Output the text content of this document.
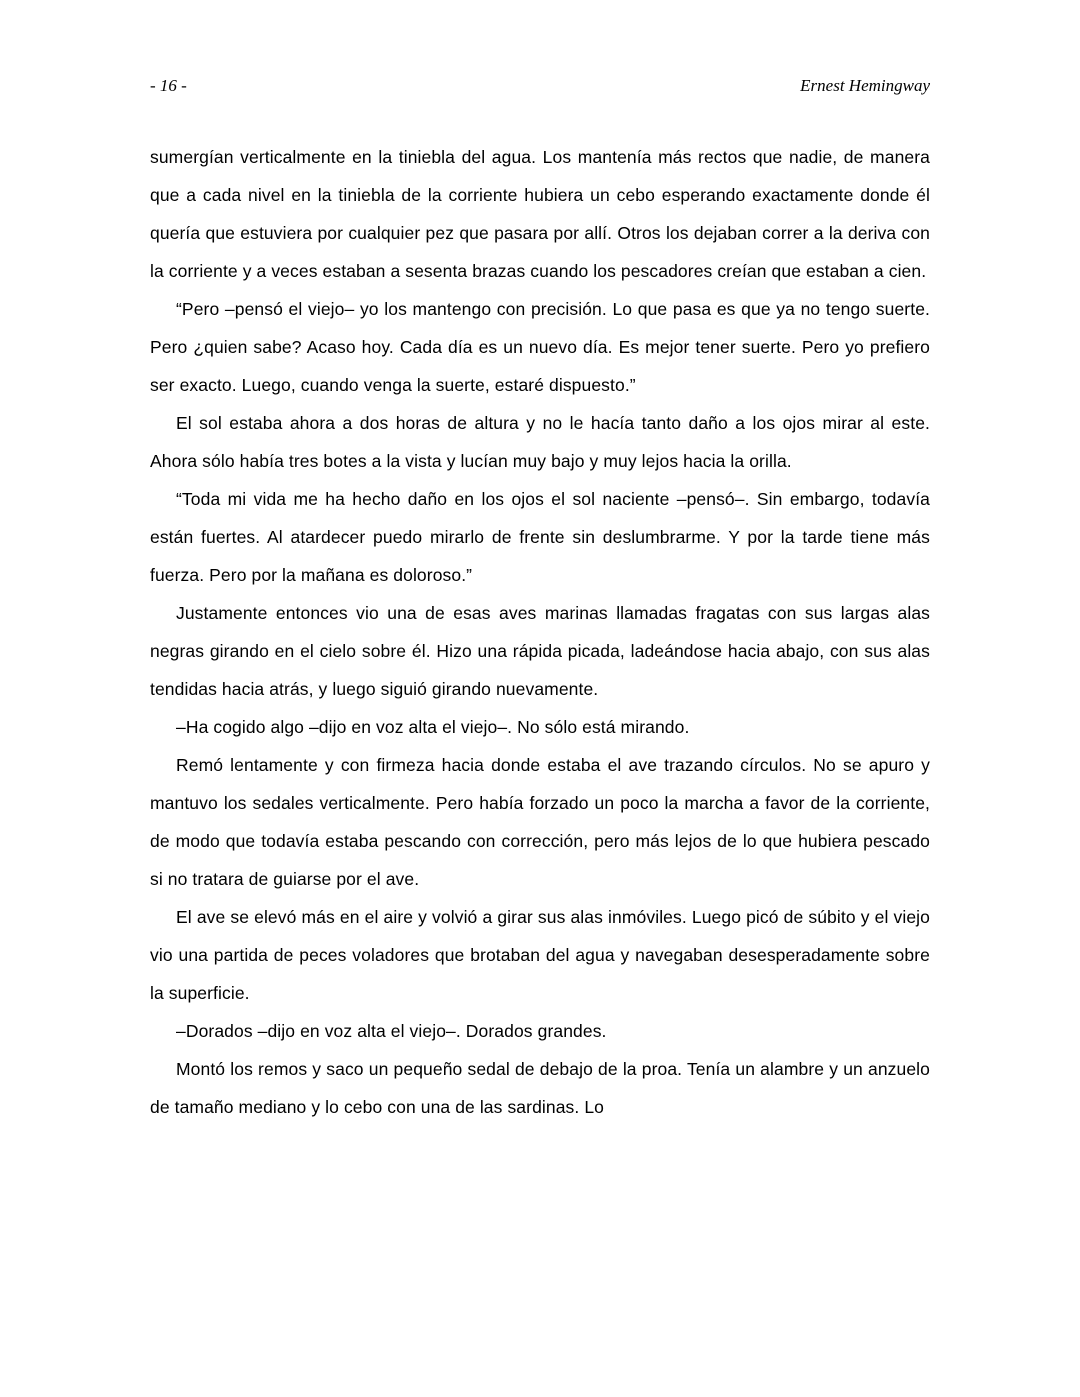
- 16 -	Ernest Hemingway

sumergían verticalmente en la tiniebla del agua. Los mantenía más rectos que nadie, de manera que a cada nivel en la tiniebla de la corriente hubiera un cebo esperando exactamente donde él quería que estuviera por cualquier pez que pasara por allí. Otros los dejaban correr a la deriva con la corriente y a veces estaban a sesenta brazas cuando los pescadores creían que estaban a cien.

“Pero –pensó el viejo– yo los mantengo con precisión. Lo que pasa es que ya no tengo suerte. Pero ¿quien sabe? Acaso hoy. Cada día es un nuevo día. Es mejor tener suerte. Pero yo prefiero ser exacto. Luego, cuando venga la suerte, estaré dispuesto.”

El sol estaba ahora a dos horas de altura y no le hacía tanto daño a los ojos mirar al este. Ahora sólo había tres botes a la vista y lucían muy bajo y muy lejos hacia la orilla.

“Toda mi vida me ha hecho daño en los ojos el sol naciente –pensó–. Sin embargo, todavía están fuertes. Al atardecer puedo mirarlo de frente sin deslumbrarme. Y por la tarde tiene más fuerza. Pero por la mañana es doloroso.”

Justamente entonces vio una de esas aves marinas llamadas fragatas con sus largas alas negras girando en el cielo sobre él. Hizo una rápida picada, ladeándose hacia abajo, con sus alas tendidas hacia atrás, y luego siguió girando nuevamente.

–Ha cogido algo –dijo en voz alta el viejo–. No sólo está mirando.

Remó lentamente y con firmeza hacia donde estaba el ave trazando círculos. No se apuro y mantuvo los sedales verticalmente. Pero había forzado un poco la marcha a favor de la corriente, de modo que todavía estaba pescando con corrección, pero más lejos de lo que hubiera pescado si no tratara de guiarse por el ave.

El ave se elevó más en el aire y volvió a girar sus alas inmóviles. Luego picó de súbito y el viejo vio una partida de peces voladores que brotaban del agua y navegaban desesperadamente sobre la superficie.

–Dorados –dijo en voz alta el viejo–. Dorados grandes.

Montó los remos y saco un pequeño sedal de debajo de la proa. Tenía un alambre y un anzuelo de tamaño mediano y lo cebo con una de las sardinas. Lo
